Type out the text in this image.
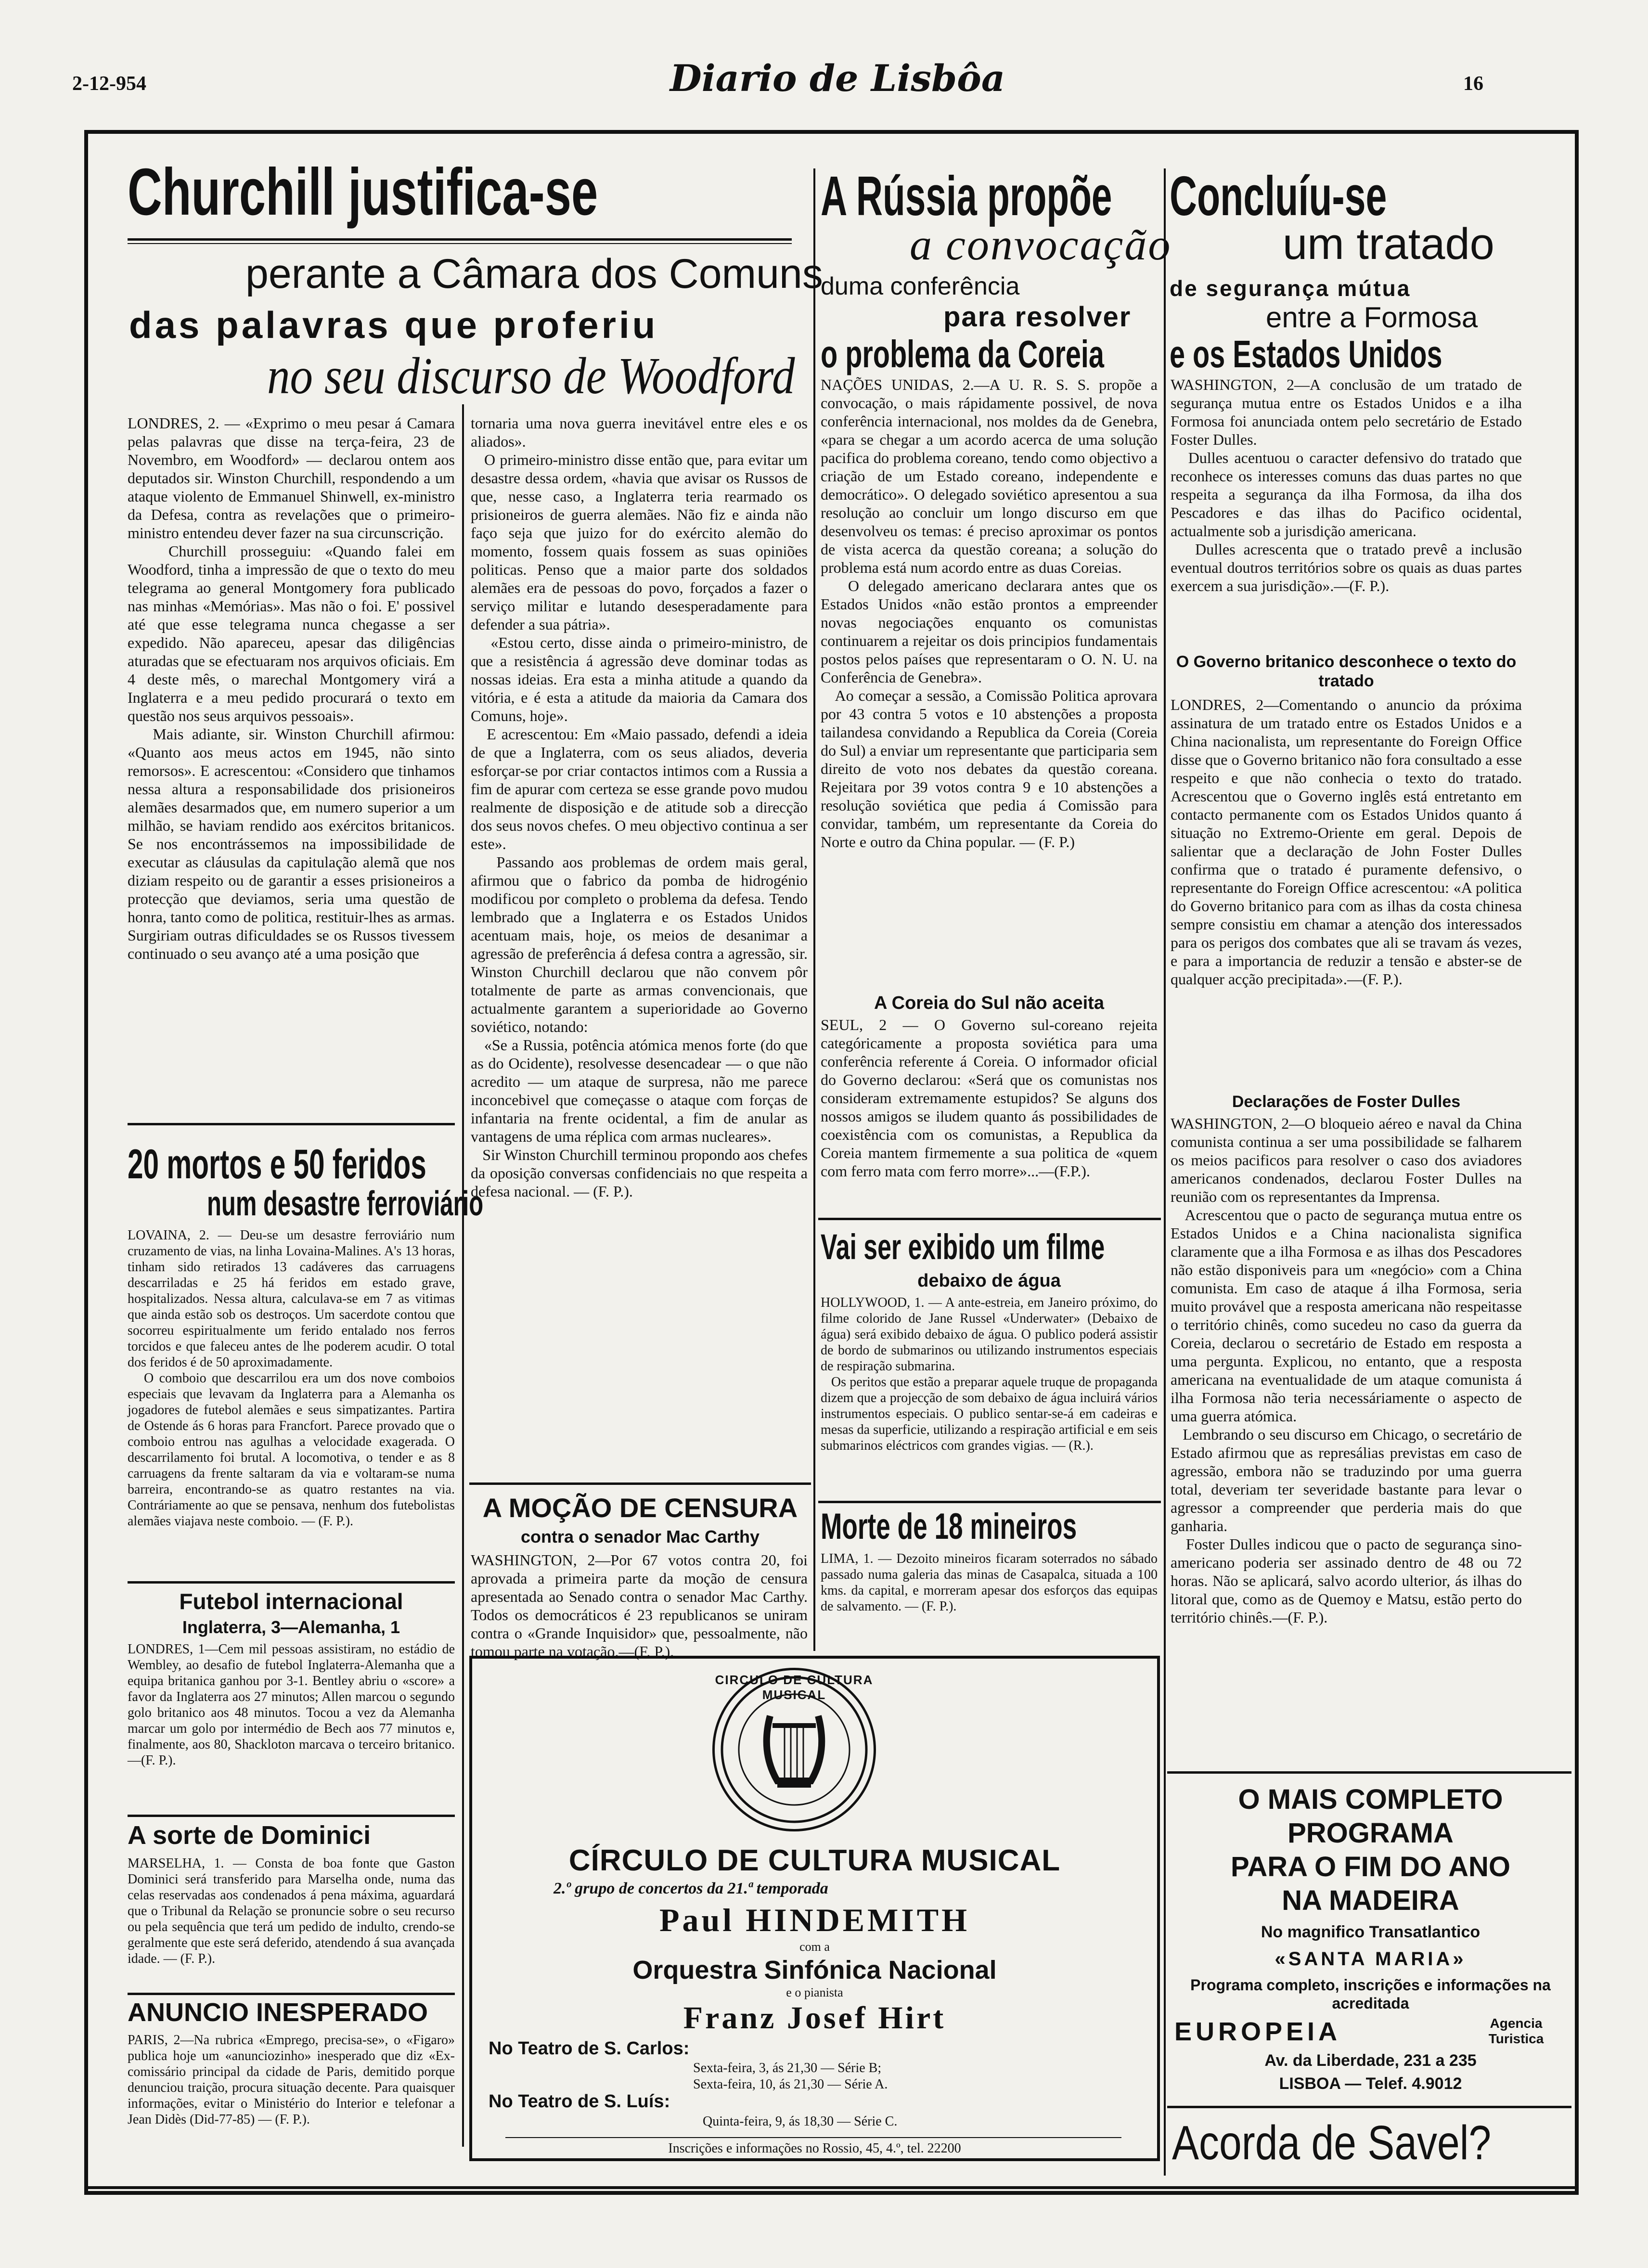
2-12-954	Diario de Lisbôa	16
Churchill justifica-se
perante a Câmara dos Comuns
das palavras que proferiu
no seu discurso de Woodford
LONDRES, 2. — «Exprimo o meu pesar á Camara pelas palavras que disse na terça-feira, 23 de Novembro, em Woodford» — declarou ontem aos deputados sir. Winston Churchill, respondendo a um ataque violento de Emmanuel Shinwell, ex-ministro da Defesa, contra as revelações que o primeiro-ministro entendeu dever fazer na sua circunscrição.
Churchill prosseguiu: «Quando falei em Woodford, tinha a impressão de que o texto do meu telegrama ao general Montgomery fora publicado nas minhas «Memórias». Mas não o foi. E' possivel até que esse telegrama nunca chegasse a ser expedido. Não apareceu, apesar das diligências aturadas que se efectuaram nos arquivos oficiais. Em 4 deste mês, o marechal Montgomery virá a Inglaterra e a meu pedido procurará o texto em questão nos seus arquivos pessoais».
Mais adiante, sir. Winston Churchill afirmou: «Quanto aos meus actos em 1945, não sinto remorsos». E acrescentou: «Considero que tinhamos nessa altura a responsabilidade dos prisioneiros alemães desarmados que, em numero superior a um milhão, se haviam rendido aos exércitos britanicos. Se nos encontrássemos na impossibilidade de executar as cláusulas da capitulação alemã que nos diziam respeito ou de garantir a esses prisioneiros a protecção que deviamos, seria uma questão de honra, tanto como de politica, restituir-lhes as armas. Surgiriam outras dificuldades se os Russos tivessem continuado o seu avanço até a uma posição que
tornaria uma nova guerra inevitável entre eles e os aliados».
O primeiro-ministro disse então que, para evitar um desastre dessa ordem, «havia que avisar os Russos de que, nesse caso, a Inglaterra teria rearmado os prisioneiros de guerra alemães. Não fiz e ainda não faço seja que juizo for do exército alemão do momento, fossem quais fossem as suas opiniões politicas. Penso que a maior parte dos soldados alemães era de pessoas do povo, forçados a fazer o serviço militar e lutando desesperadamente para defender a sua pátria».
«Estou certo, disse ainda o primeiro-ministro, de que a resistência á agressão deve dominar todas as nossas ideias. Era esta a minha atitude a quando da vitória, e é esta a atitude da maioria da Camara dos Comuns, hoje».
E acrescentou: Em «Maio passado, defendi a ideia de que a Inglaterra, com os seus aliados, deveria esforçar-se por criar contactos intimos com a Russia a fim de apurar com certeza se esse grande povo mudou realmente de disposição e de atitude sob a direcção dos seus novos chefes. O meu objectivo continua a ser este».
Passando aos problemas de ordem mais geral, afirmou que o fabrico da pomba de hidrogénio modificou por completo o problema da defesa. Tendo lembrado que a Inglaterra e os Estados Unidos acentuam mais, hoje, os meios de desanimar a agressão de preferência á defesa contra a agressão, sir. Winston Churchill declarou que não convem pôr totalmente de parte as armas convencionais, que actualmente garantem a superioridade ao Governo soviético, notando:
«Se a Russia, potência atómica menos forte (do que as do Ocidente), resolvesse desencadear — o que não acredito — um ataque de surpresa, não me parece inconcebivel que começasse o ataque com forças de infantaria na frente ocidental, a fim de anular as vantagens de uma réplica com armas nucleares».
Sir Winston Churchill terminou propondo aos chefes da oposição conversas confidenciais no que respeita a defesa nacional. — (F. P.).
20 mortos e 50 feridos
num desastre ferroviário
LOVAINA, 2. — Deu-se um desastre ferroviário num cruzamento de vias, na linha Lovaina-Malines. A's 13 horas, tinham sido retirados 13 cadáveres das carruagens descarriladas e 25 há feridos em estado grave, hospitalizados. Nessa altura, calculava-se em 7 as vitimas que ainda estão sob os destroços. Um sacerdote contou que socorreu espiritualmente um ferido entalado nos ferros torcidos e que faleceu antes de lhe poderem acudir. O total dos feridos é de 50 aproximadamente.
O comboio que descarrilou era um dos nove comboios especiais que levavam da Inglaterra para a Alemanha os jogadores de futebol alemães e seus simpatizantes. Partira de Ostende ás 6 horas para Francfort. Parece provado que o comboio entrou nas agulhas a velocidade exagerada. O descarrilamento foi brutal. A locomotiva, o tender e as 8 carruagens da frente saltaram da via e voltaram-se numa barreira, encontrando-se as quatro restantes na via. Contráriamente ao que se pensava, nenhum dos futebolistas alemães viajava neste comboio. — (F. P.).
Futebol internacional
Inglaterra, 3—Alemanha, 1
LONDRES, 1—Cem mil pessoas assistiram, no estádio de Wembley, ao desafio de futebol Inglaterra-Alemanha que a equipa britanica ganhou por 3-1. Bentley abriu o «score» a favor da Inglaterra aos 27 minutos; Allen marcou o segundo golo britanico aos 48 minutos. Tocou a vez da Alemanha marcar um golo por intermédio de Bech aos 77 minutos e, finalmente, aos 80, Shackloton marcava o terceiro britanico.—(F. P.).
A sorte de Dominici
MARSELHA, 1. — Consta de boa fonte que Gaston Dominici será transferido para Marselha onde, numa das celas reservadas aos condenados á pena máxima, aguardará que o Tribunal da Relação se pronuncie sobre o seu recurso ou pela sequência que terá um pedido de indulto, crendo-se geralmente que este será deferido, atendendo á sua avançada idade. — (F. P.).
ANUNCIO INESPERADO
PARIS, 2—Na rubrica «Emprego, precisa-se», o «Figaro» publica hoje um «anunciozinho» inesperado que diz «Ex-comissário principal da cidade de Paris, demitido porque denunciou traição, procura situação decente. Para quaisquer informações, evitar o Ministério do Interior e telefonar a Jean Didès (Did-77-85) — (F. P.).
A MOÇÃO DE CENSURA
contra o senador Mac Carthy
WASHINGTON, 2—Por 67 votos contra 20, foi aprovada a primeira parte da moção de censura apresentada ao Senado contra o senador Mac Carthy. Todos os democráticos é 23 republicanos se uniram contra o «Grande Inquisidor» que, pessoalmente, não tomou parte na votação.—(F. P.).
A Rússia propõe
a convocação
duma conferência
para resolver
o problema da Coreia
NAÇÕES UNIDAS, 2.—A U. R. S. S. propõe a convocação, o mais rápidamente possivel, de nova conferência internacional, nos moldes da de Genebra, «para se chegar a um acordo acerca de uma solução pacifica do problema coreano, tendo como objectivo a criação de um Estado coreano, independente e democrático». O delegado soviético apresentou a sua resolução ao concluir um longo discurso em que desenvolveu os temas: é preciso aproximar os pontos de vista acerca da questão coreana; a solução do problema está num acordo entre as duas Coreias.
O delegado americano declarara antes que os Estados Unidos «não estão prontos a empreender novas negociações enquanto os comunistas continuarem a rejeitar os dois principios fundamentais postos pelos países que representaram o O. N. U. na Conferência de Genebra».
Ao começar a sessão, a Comissão Politica aprovara por 43 contra 5 votos e 10 abstenções a proposta tailandesa convidando a Republica da Coreia (Coreia do Sul) a enviar um representante que participaria sem direito de voto nos debates da questão coreana. Rejeitara por 39 votos contra 9 e 10 abstenções a resolução soviética que pedia á Comissão para convidar, também, um representante da Coreia do Norte e outro da China popular. — (F. P.)
A Coreia do Sul não aceita
SEUL, 2 — O Governo sul-coreano rejeita categóricamente a proposta soviética para uma conferência referente á Coreia. O informador oficial do Governo declarou: «Será que os comunistas nos consideram extremamente estupidos? Se alguns dos nossos amigos se iludem quanto ás possibilidades de coexistência com os comunistas, a Republica da Coreia mantem firmemente a sua politica de «quem com ferro mata com ferro morre»...—(F.P.).
Vai ser exibido um filme
debaixo de água
HOLLYWOOD, 1. — A ante-estreia, em Janeiro próximo, do filme colorido de Jane Russel «Underwater» (Debaixo de água) será exibido debaixo de água. O publico poderá assistir de bordo de submarinos ou utilizando instrumentos especiais de respiração submarina.
Os peritos que estão a preparar aquele truque de propaganda dizem que a projecção de som debaixo de água incluirá vários instrumentos especiais. O publico sentar-se-á em cadeiras e mesas da superficie, utilizando a respiração artificial e em seis submarinos eléctricos com grandes vigias. — (R.).
Morte de 18 mineiros
LIMA, 1. — Dezoito mineiros ficaram soterrados no sábado passado numa galeria das minas de Casapalca, situada a 100 kms. da capital, e morreram apesar dos esforços das equipas de salvamento. — (F. P.).
CIRCULO DE CULTURA MUSICAL
CÍRCULO DE CULTURA MUSICAL
2.º grupo de concertos da 21.ª temporada
Paul HINDEMITH
com a
Orquestra Sinfónica Nacional
e o pianista
Franz Josef Hirt
No Teatro de S. Carlos:
Sexta-feira, 3, ás 21,30 — Série B;
Sexta-feira, 10, ás 21,30 — Série A.
No Teatro de S. Luís:
Quinta-feira, 9, ás 18,30 — Série C.
Inscrições e informações no Rossio, 45, 4.º, tel. 22200
Concluíu-se
um tratado
de segurança mútua
entre a Formosa
e os Estados Unidos
WASHINGTON, 2—A conclusão de um tratado de segurança mutua entre os Estados Unidos e a ilha Formosa foi anunciada ontem pelo secretário de Estado Foster Dulles.
Dulles acentuou o caracter defensivo do tratado que reconhece os interesses comuns das duas partes no que respeita a segurança da ilha Formosa, da ilha dos Pescadores e das ilhas do Pacifico ocidental, actualmente sob a jurisdição americana.
Dulles acrescenta que o tratado prevê a inclusão eventual doutros territórios sobre os quais as duas partes exercem a sua jurisdição».—(F. P.).
O Governo britanico desconhece o texto do tratado
LONDRES, 2—Comentando o anuncio da próxima assinatura de um tratado entre os Estados Unidos e a China nacionalista, um representante do Foreign Office disse que o Governo britanico não fora consultado a esse respeito e que não conhecia o texto do tratado. Acrescentou que o Governo inglês está entretanto em contacto permanente com os Estados Unidos quanto á situação no Extremo-Oriente em geral. Depois de salientar que a declaração de John Foster Dulles confirma que o tratado é puramente defensivo, o representante do Foreign Office acrescentou: «A politica do Governo britanico para com as ilhas da costa chinesa sempre consistiu em chamar a atenção dos interessados para os perigos dos combates que ali se travam ás vezes, e para a importancia de reduzir a tensão e abster-se de qualquer acção precipitada».—(F. P.).
Declarações de Foster Dulles
WASHINGTON, 2—O bloqueio aéreo e naval da China comunista continua a ser uma possibilidade se falharem os meios pacificos para resolver o caso dos aviadores americanos condenados, declarou Foster Dulles na reunião com os representantes da Imprensa.
Acrescentou que o pacto de segurança mutua entre os Estados Unidos e a China nacionalista significa claramente que a ilha Formosa e as ilhas dos Pescadores não estão disponiveis para um «negócio» com a China comunista. Em caso de ataque á ilha Formosa, seria muito provável que a resposta americana não respeitasse o território chinês, como sucedeu no caso da guerra da Coreia, declarou o secretário de Estado em resposta a uma pergunta. Explicou, no entanto, que a resposta americana na eventualidade de um ataque comunista á ilha Formosa não teria necessáriamente o aspecto de uma guerra atómica.
Lembrando o seu discurso em Chicago, o secretário de Estado afirmou que as represálias previstas em caso de agressão, embora não se traduzindo por uma guerra total, deveriam ter severidade bastante para levar o agressor a compreender que perderia mais do que ganharia.
Foster Dulles indicou que o pacto de segurança sino-americano poderia ser assinado dentro de 48 ou 72 horas. Não se aplicará, salvo acordo ulterior, ás ilhas do litoral que, como as de Quemoy e Matsu, estão perto do território chinês.—(F. P.).
O MAIS COMPLETO
PROGRAMA
PARA O FIM DO ANO
NA MADEIRA
No magnifico Transatlantico
«SANTA MARIA»
Programa completo, inscrições e informações na acreditada
EUROPEIA	Agencia Turistica
Av. da Liberdade, 231 a 235
LISBOA — Telef. 4.9012
Acorda de Savel?
